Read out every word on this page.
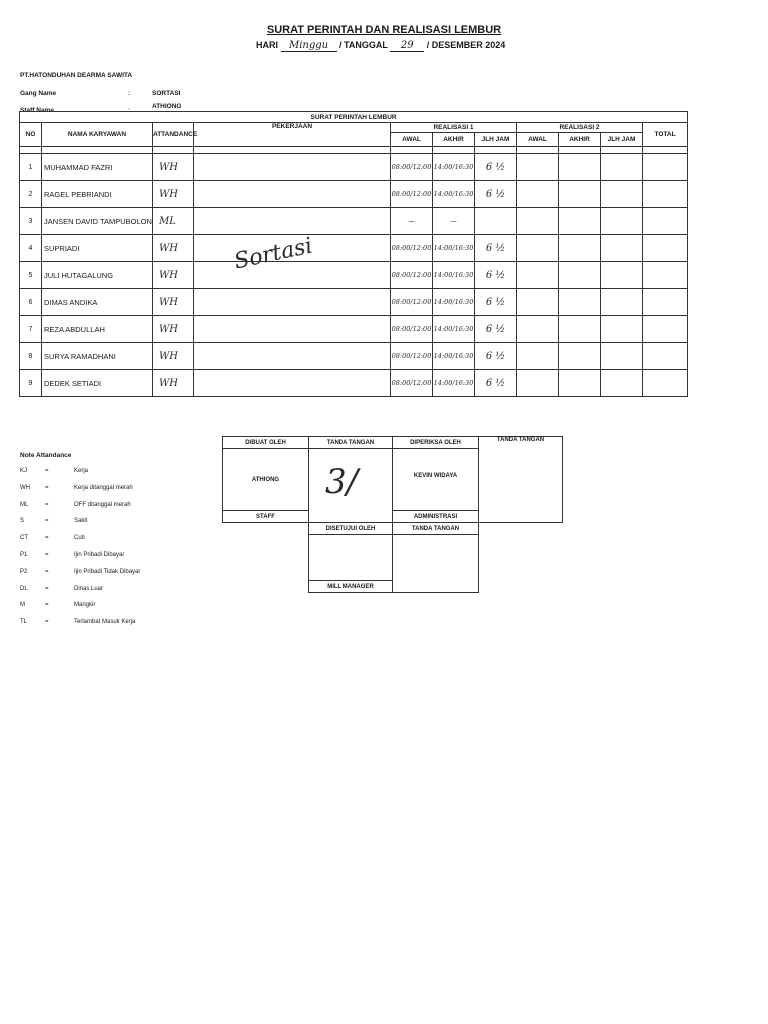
SURAT PERINTAH DAN REALISASI LEMBUR
HARI Minggu / TANGGAL 29 / DESEMBER 2024
PT.HATONDUHAN DEARMA SAWITA
Gang Name	:	SORTASI
Staff Name	:
ATHIONG
SURAT PERINTAH LEMBUR										
NO	NAMA KARYAWAN	ATTANDANCE	PEKERJAAN	REALISASI 1			REALISASI 2			TOTAL
				AWAL	AKHIR	JLH JAM	AWAL	AKHIR	JLH JAM	

1	MUHAMMAD FAZRI	WH		08:00/12:00	14:00/16:30	6 ½				
2	RAGEL PEBRIANDI	WH		08:00/12:00	14:00/16:30	6 ½				
3	JANSEN DAVID TAMPUBOLON	ML		—	—					
4	SUPRIADI	WH		08:00/12:00	14:00/16:30	6 ½				
5	JULI HUTAGALUNG	WH		08:00/12:00	14:00/16:30	6 ½				
6	DIMAS ANDIKA	WH		08:00/12:00	14:00/16:30	6 ½				
7	REZA ABDULLAH	WH		08:00/12:00	14:00/16:30	6 ½				
8	SURYA RAMADHANI	WH		08:00/12:00	14:00/16:30	6 ½				
9	DEDEK SETIADI	WH		08:00/12:00	14:00/16:30	6 ½				
Sortasi
Note Attandance
KJ	=	Kerja
WH	=	Kerja ditanggal merah
ML	=	OFF ditanggal merah
S	=	Sakit
CT	=	Cuti
P1	=	Ijin Pribadi Dibayar
P2	=	Ijin Pribadi Tidak Dibayar
DL	=	Dinas Luar
M	=	Mangkir
TL	=	Terlambat Masuk Kerja
DIBUAT OLEH	TANDA TANGAN	DIPERIKSA OLEH	TANDA TANGAN
ATHIONG		KEVIN WIDAYA	
STAFF		ADMINISTRASI	
	DISETUJUI OLEH	TANDA TANGAN	

	MILL MANAGER		
3/
